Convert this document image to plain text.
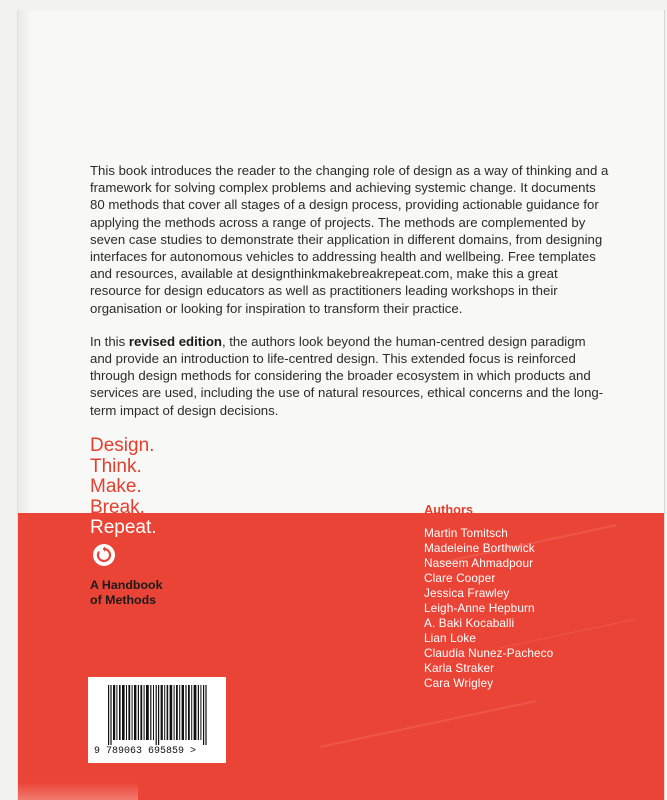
This book introduces the reader to the changing role of design as a way of thinking and a framework for solving complex problems and achieving systemic change. It documents 80 methods that cover all stages of a design process, providing actionable guidance for applying the methods across a range of projects. The methods are complemented by seven case studies to demonstrate their application in different domains, from designing interfaces for autonomous vehicles to addressing health and wellbeing. Free templates and resources, available at designthinkmakebreakrepeat.com, make this a great resource for design educators as well as practitioners leading workshops in their organisation or looking for inspiration to transform their practice.

In this revised edition, the authors look beyond the human-centred design paradigm and provide an introduction to life-centred design. This extended focus is reinforced through design methods for considering the broader ecosystem in which products and services are used, including the use of natural resources, ethical concerns and the long-term impact of design decisions.

Design.
Think.
Make.
Break.
Repeat.
A Handbook
of Methods
Authors
Martin Tomitsch
Madeleine Borthwick
Naseem Ahmadpour
Clare Cooper
Jessica Frawley
Leigh-Anne Hepburn
A. Baki Kocaballi
Lian Loke
Claudia Nunez-Pacheco
Karla Straker
Cara Wrigley
9 789063 695859 >
